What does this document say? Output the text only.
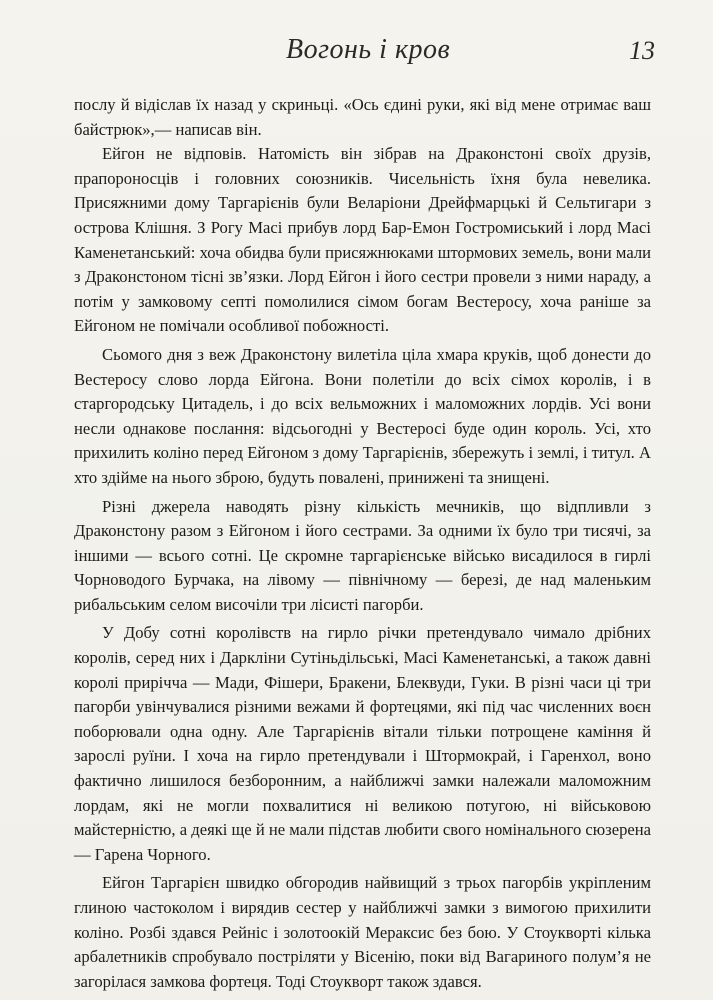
Вогонь і кров	13

послу й відіслав їх назад у скриньці. «Ось єдині руки, які від мене отримає ваш байстрюк»,— написав він.

Ейгон не відповів. Натомість він зібрав на Драконстоні своїх друзів, прапороносців і головних союзників. Чисельність їхня була невелика. Присяжними дому Таргарієнів були Веларіони Дрейфмарцькі й Сельтигари з острова Клішня. З Рогу Масі прибув лорд Бар-Емон Гостромиський і лорд Масі Каменетанський: хоча обидва були присяжнюками штормових земель, вони мали з Драконстоном тісні зв’язки. Лорд Ейгон і його сестри провели з ними нараду, а потім у замковому септі помолилися сімом богам Вестеросу, хоча раніше за Ейгоном не помічали особливої побожності.

Сьомого дня з веж Драконстону вилетіла ціла хмара круків, щоб донести до Вестеросу слово лорда Ейгона. Вони полетіли до всіх сімох королів, і в старгородську Цитадель, і до всіх вельможних і маломожних лордів. Усі вони несли однакове послання: відсьогодні у Вестеросі буде один король. Усі, хто прихилить коліно перед Ейгоном з дому Таргарієнів, збережуть і землі, і титул. А хто здійме на нього зброю, будуть повалені, принижені та знищені.

Різні джерела наводять різну кількість мечників, що відпливли з Драконстону разом з Ейгоном і його сестрами. За одними їх було три тисячі, за іншими — всього сотні. Це скромне таргарієнське військо висадилося в гирлі Чорноводого Бурчака, на лівому — північному — березі, де над маленьким рибальським селом височіли три лісисті пагорби.

У Добу сотні королівств на гирло річки претендувало чимало дрібних королів, серед них і Даркліни Сутіньдільські, Масі Каменетанські, а також давні королі прирічча — Мади, Фішери, Бракени, Блеквуди, Гуки. В різні часи ці три пагорби увінчувалися різними вежами й фортецями, які під час численних воєн поборювали одна одну. Але Таргарієнів вітали тільки потрощене каміння й зарослі руїни. І хоча на гирло претендували і Штормокрай, і Гаренхол, воно фактично лишилося безборонним, а найближчі замки належали маломожним лордам, які не могли похвалитися ні великою потугою, ні військовою майстерністю, а деякі ще й не мали підстав любити свого номінального сюзерена — Гарена Чорного.

Ейгон Таргарієн швидко обгородив найвищий з трьох пагорбів укріпленим глиною частоколом і вирядив сестер у найближчі замки з вимогою прихилити коліно. Розбі здався Рейніс і золотоокій Мераксис без бою. У Стоукворті кілька арбалетників спробувало постріляти у Вісенію, поки від Вагариного полум’я не загорілася замкова фортеця. Тоді Стоукворт також здався.
